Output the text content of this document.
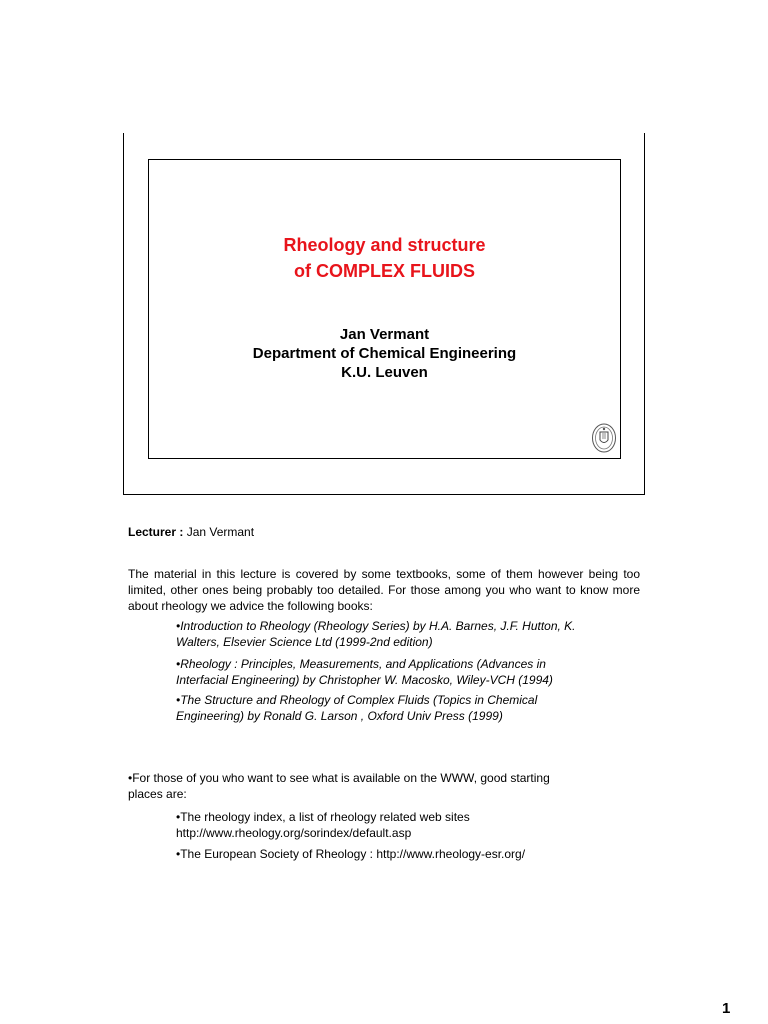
Rheology and structure
of COMPLEX FLUIDS
Jan Vermant
Department of Chemical Engineering
K.U. Leuven
Lecturer : Jan Vermant
The material in this lecture is covered by some textbooks, some of them however being too limited, other ones being probably too detailed. For those among you who want to know more about rheology we advice the following books:
•Introduction to Rheology (Rheology Series) by H.A. Barnes, J.F. Hutton, K.
Walters, Elsevier Science Ltd (1999-2nd edition)
•Rheology : Principles, Measurements, and Applications (Advances in
Interfacial Engineering) by Christopher W. Macosko, Wiley-VCH (1994)
•The Structure and Rheology of Complex Fluids (Topics in Chemical
Engineering) by Ronald G. Larson , Oxford Univ Press (1999)
•For those of you who want to see what is available on the WWW, good starting
places are:
•The rheology index, a list of rheology related web sites
http://www.rheology.org/sorindex/default.asp
•The European Society of Rheology : http://www.rheology-esr.org/
1
